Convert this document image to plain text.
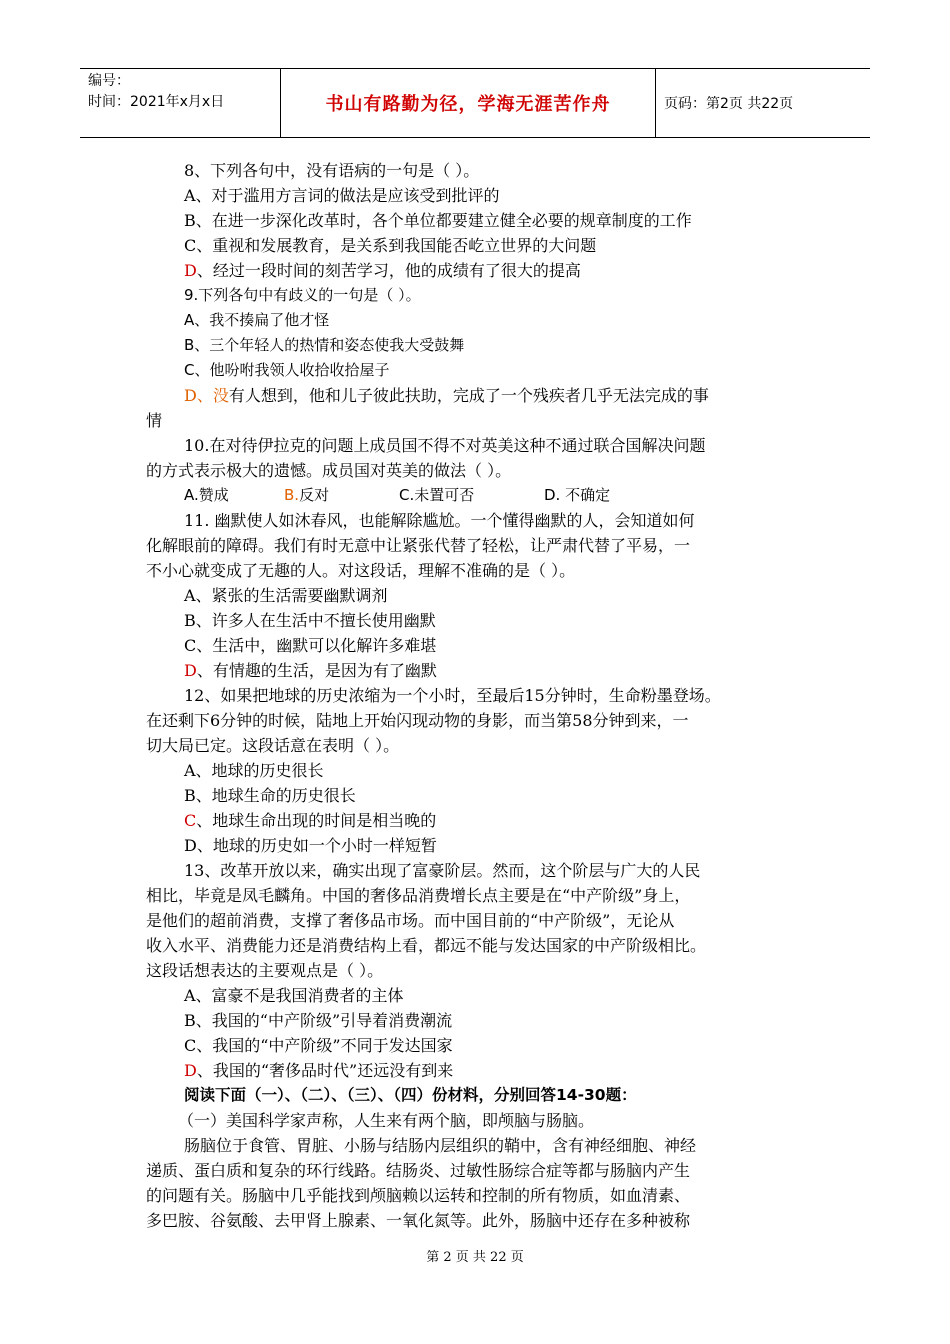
编号：
时间：2021年x月x日	书山有路勤为径，学海无涯苦作舟	页码：第2页 共22页

8、下列各句中，没有语病的一句是（ ）。

A、对于滥用方言词的做法是应该受到批评的

B、在进一步深化改革时，各个单位都要建立健全必要的规章制度的工作

C、重视和发展教育，是关系到我国能否屹立世界的大问题

D、经过一段时间的刻苦学习，他的成绩有了很大的提高

9.下列各句中有歧义的一句是（ ）。

A、我不揍扁了他才怪

B、三个年轻人的热情和姿态使我大受鼓舞

C、他吩咐我领人收拾收拾屋子

D、没有人想到，他和儿子彼此扶助，完成了一个残疾者几乎无法完成的事

情

10.在对待伊拉克的问题上成员国不得不对英美这种不通过联合国解决问题

的方式表示极大的遗憾。成员国对英美的做法（ ）。

A.赞成	B.反对	C.未置可否	D. 不确定

11. 幽默使人如沐春风，也能解除尴尬。一个懂得幽默的人，会知道如何

化解眼前的障碍。我们有时无意中让紧张代替了轻松，让严肃代替了平易，一

不小心就变成了无趣的人。对这段话，理解不准确的是（ ）。

A、紧张的生活需要幽默调剂

B、许多人在生活中不擅长使用幽默

C、生活中，幽默可以化解许多难堪

D、有情趣的生活，是因为有了幽默

12、如果把地球的历史浓缩为一个小时，至最后15分钟时，生命粉墨登场。

在还剩下6分钟的时候，陆地上开始闪现动物的身影，而当第58分钟到来，一

切大局已定。这段话意在表明（ ）。

A、地球的历史很长

B、地球生命的历史很长

C、地球生命出现的时间是相当晚的

D、地球的历史如一个小时一样短暂

13、改革开放以来，确实出现了富豪阶层。然而，这个阶层与广大的人民

相比，毕竟是凤毛麟角。中国的奢侈品消费增长点主要是在“中产阶级”身上，

是他们的超前消费，支撑了奢侈品市场。而中国目前的“中产阶级”，无论从

收入水平、消费能力还是消费结构上看，都远不能与发达国家的中产阶级相比。

这段话想表达的主要观点是（ ）。

A、富豪不是我国消费者的主体

B、我国的“中产阶级”引导着消费潮流

C、我国的“中产阶级”不同于发达国家

D、我国的“奢侈品时代”还远没有到来

阅读下面（一）、（二）、（三）、（四）份材料，分别回答14-30题：

（一）美国科学家声称，人生来有两个脑，即颅脑与肠脑。

肠脑位于食管、胃脏、小肠与结肠内层组织的鞘中，含有神经细胞、神经

递质、蛋白质和复杂的环行线路。结肠炎、过敏性肠综合症等都与肠脑内产生

的问题有关。肠脑中几乎能找到颅脑赖以运转和控制的所有物质，如血清素、

多巴胺、谷氨酸、去甲肾上腺素、一氧化氮等。此外，肠脑中还存在多种被称

第 2 页 共 22 页
